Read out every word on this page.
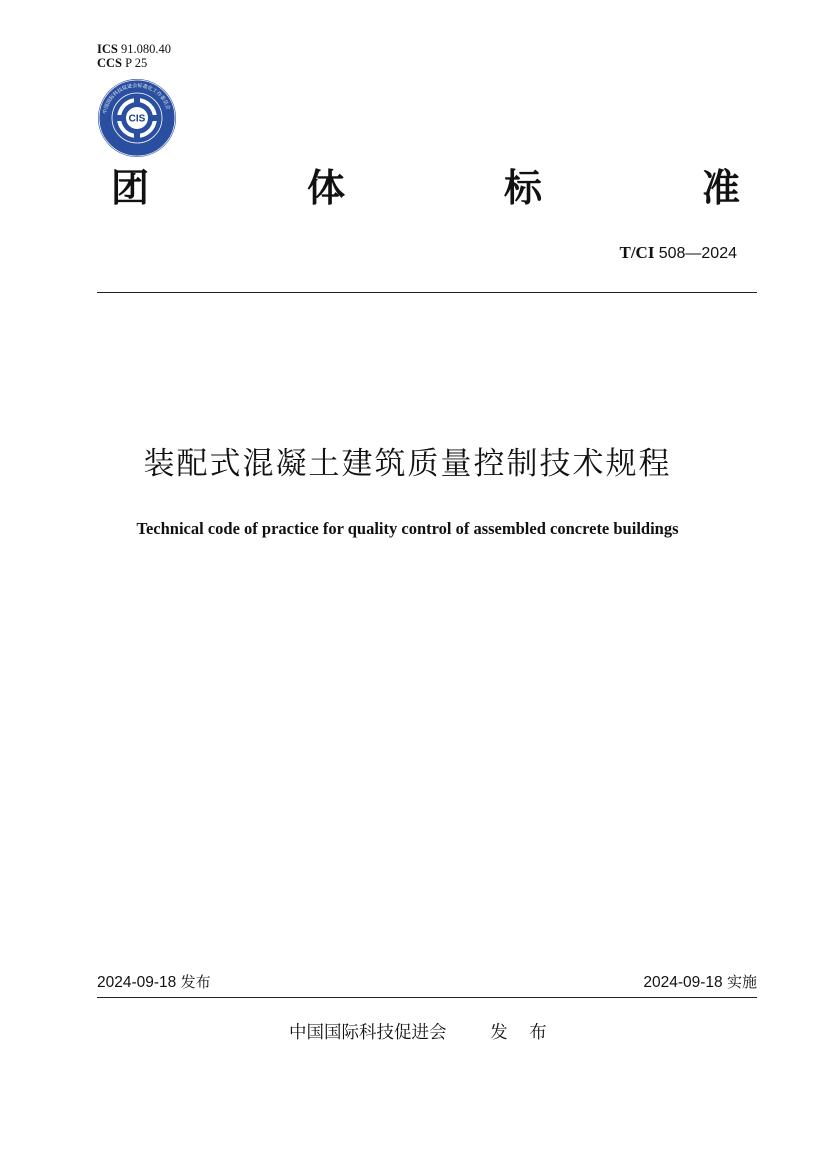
ICS 91.080.40
CCS P 25
中国国际科技促进会标准化工作委员会
CIS
团	体	标	准
T/CI 508—2024
装配式混凝土建筑质量控制技术规程
Technical code of practice for quality control of assembled concrete buildings
2024-09-18 发布	2024-09-18 实施
中国国际科技促进会 发 布
